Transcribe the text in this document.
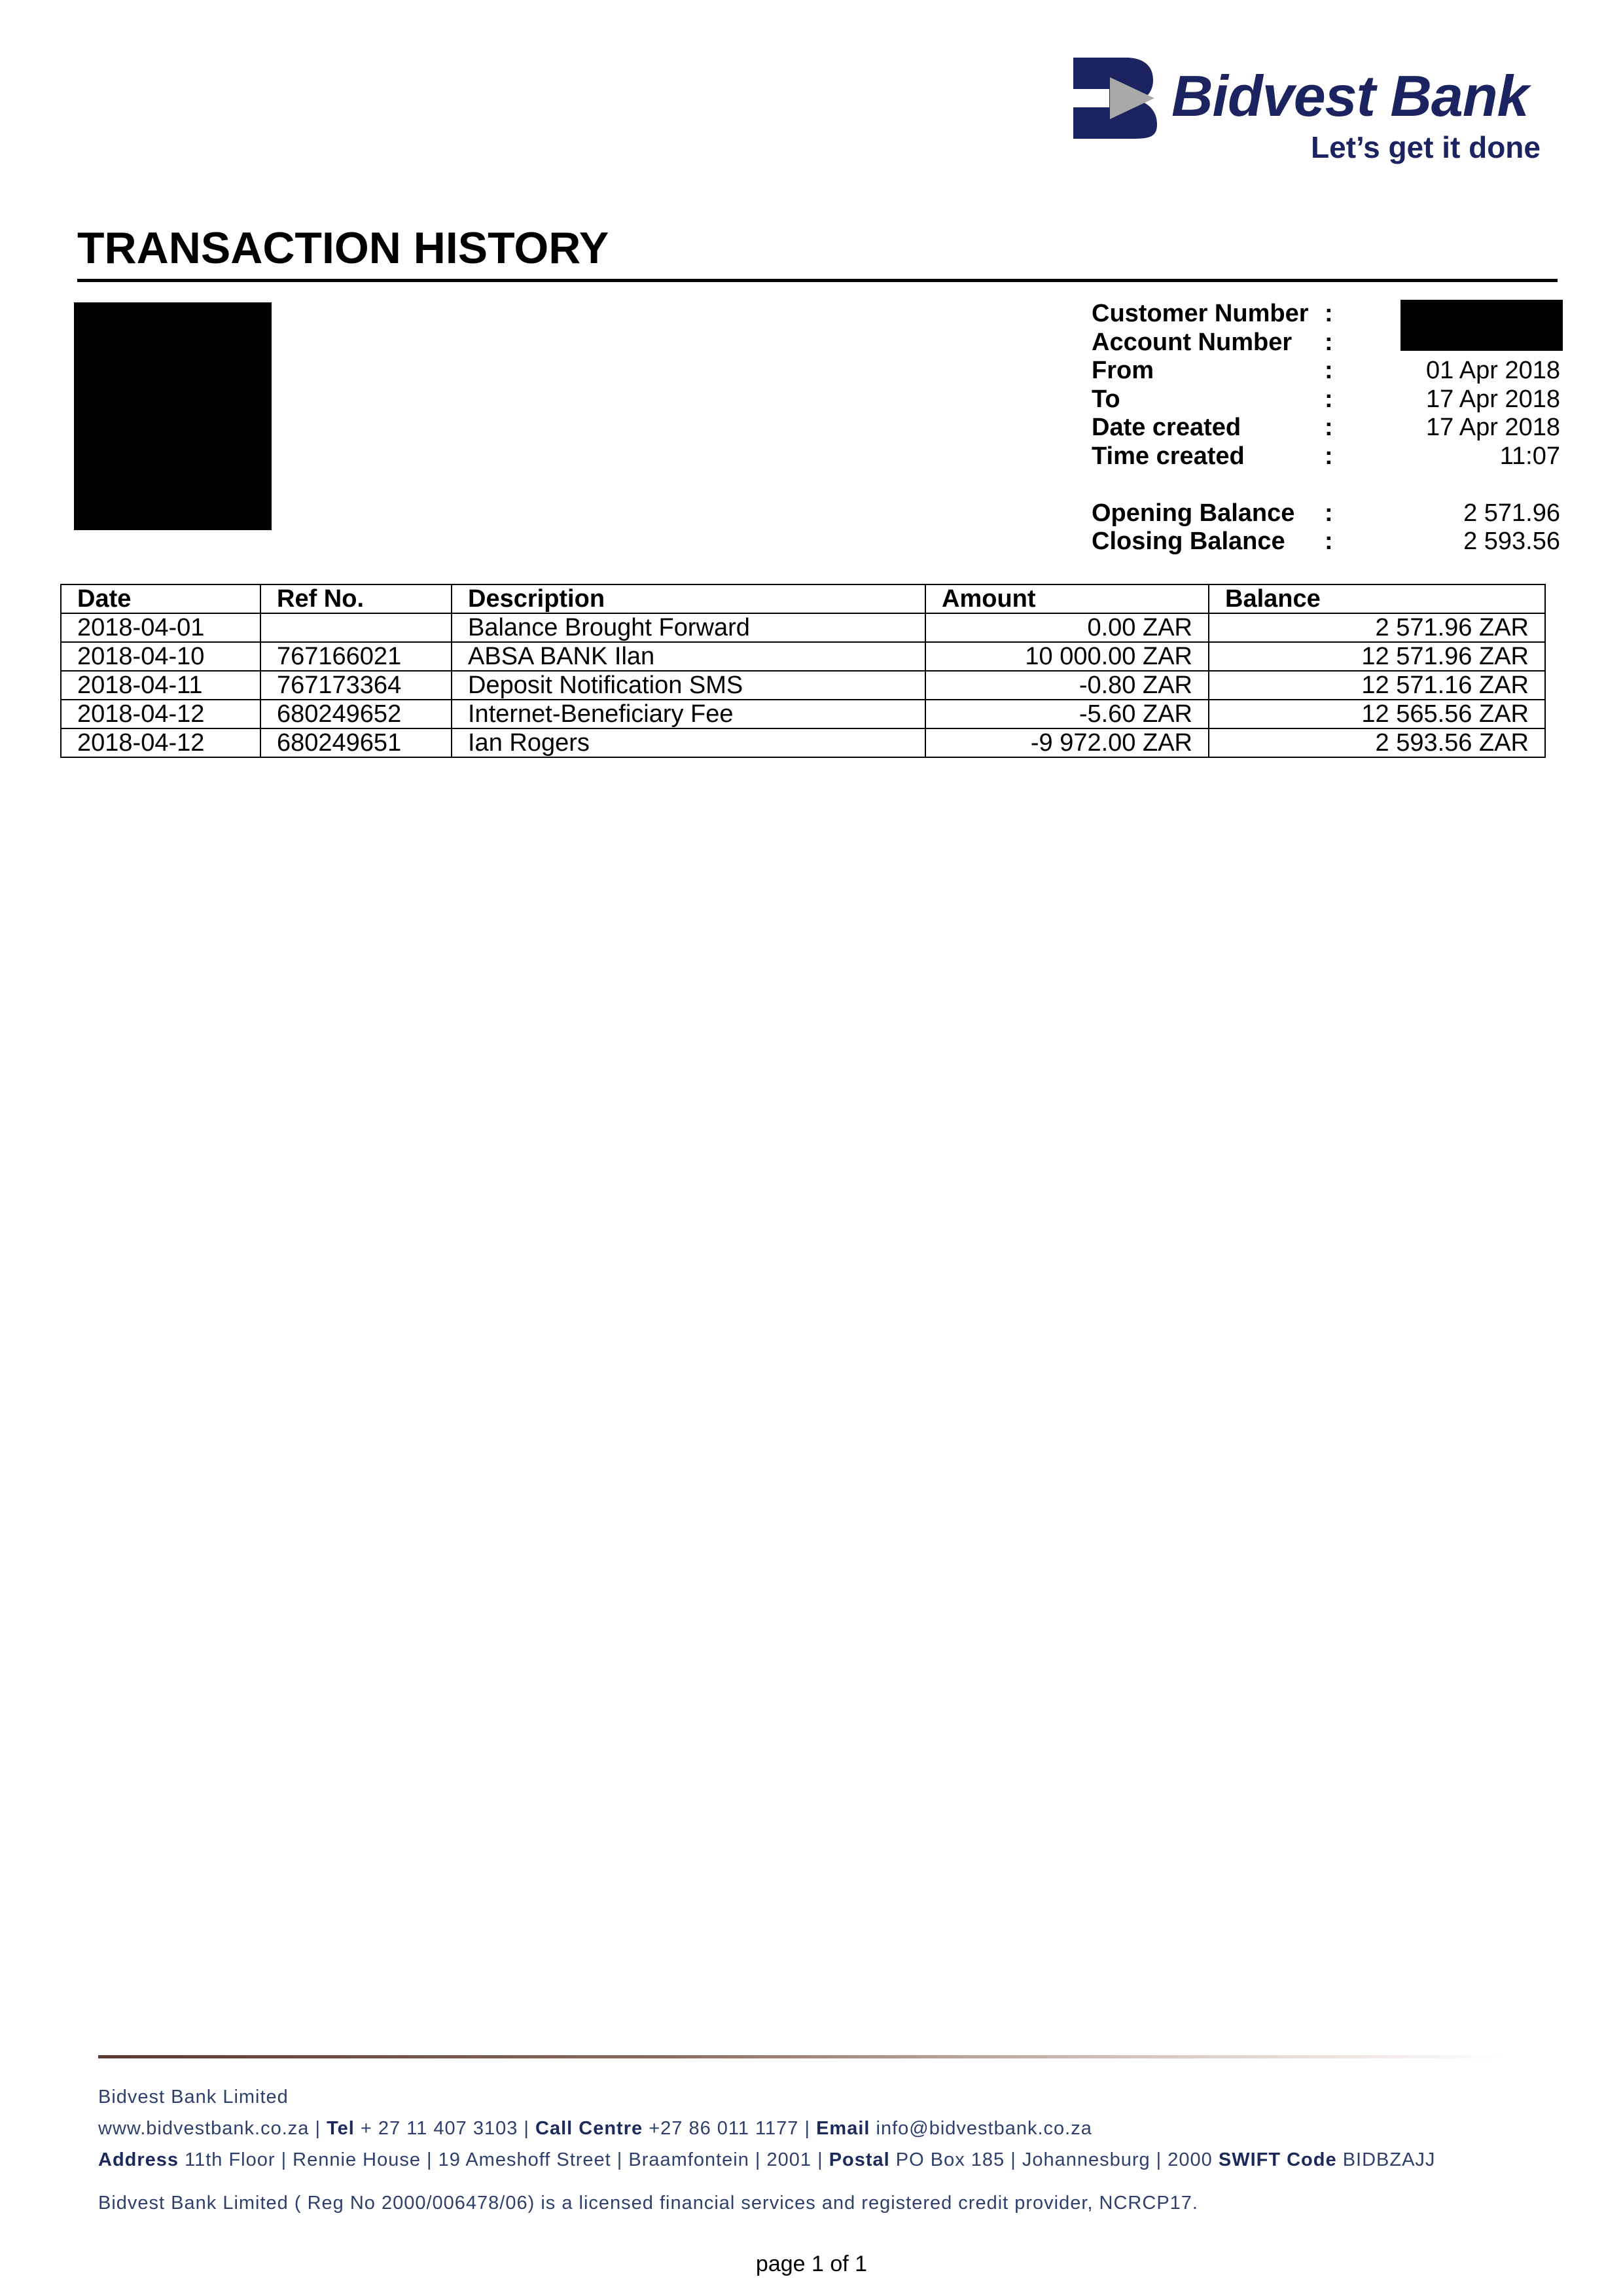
Bidvest Bank
Let’s get it done
TRANSACTION HISTORY
Customer Number :
Account Number :
From	:	01 Apr 2018
To	:	17 Apr 2018
Date created	:	17 Apr 2018
Time created	:	11:07
Opening Balance :	2 571.96
Closing Balance :	2 593.56
Date	Ref No.	Description	Amount	Balance
2018-04-01		Balance Brought Forward	0.00 ZAR	2 571.96 ZAR
2018-04-10	767166021	ABSA BANK Ilan	10 000.00 ZAR	12 571.96 ZAR
2018-04-11	767173364	Deposit Notification SMS	-0.80 ZAR	12 571.16 ZAR
2018-04-12	680249652	Internet-Beneficiary Fee	-5.60 ZAR	12 565.56 ZAR
2018-04-12	680249651	Ian Rogers	-9 972.00 ZAR	2 593.56 ZAR
Bidvest Bank Limited
www.bidvestbank.co.za | Tel + 27 11 407 3103 | Call Centre +27 86 011 1177 | Email info@bidvestbank.co.za
Address 11th Floor | Rennie House | 19 Ameshoff Street | Braamfontein | 2001 | Postal PO Box 185 | Johannesburg | 2000 SWIFT Code BIDBZAJJ
Bidvest Bank Limited ( Reg No 2000/006478/06) is a licensed financial services and registered credit provider, NCRCP17.
page 1 of 1
